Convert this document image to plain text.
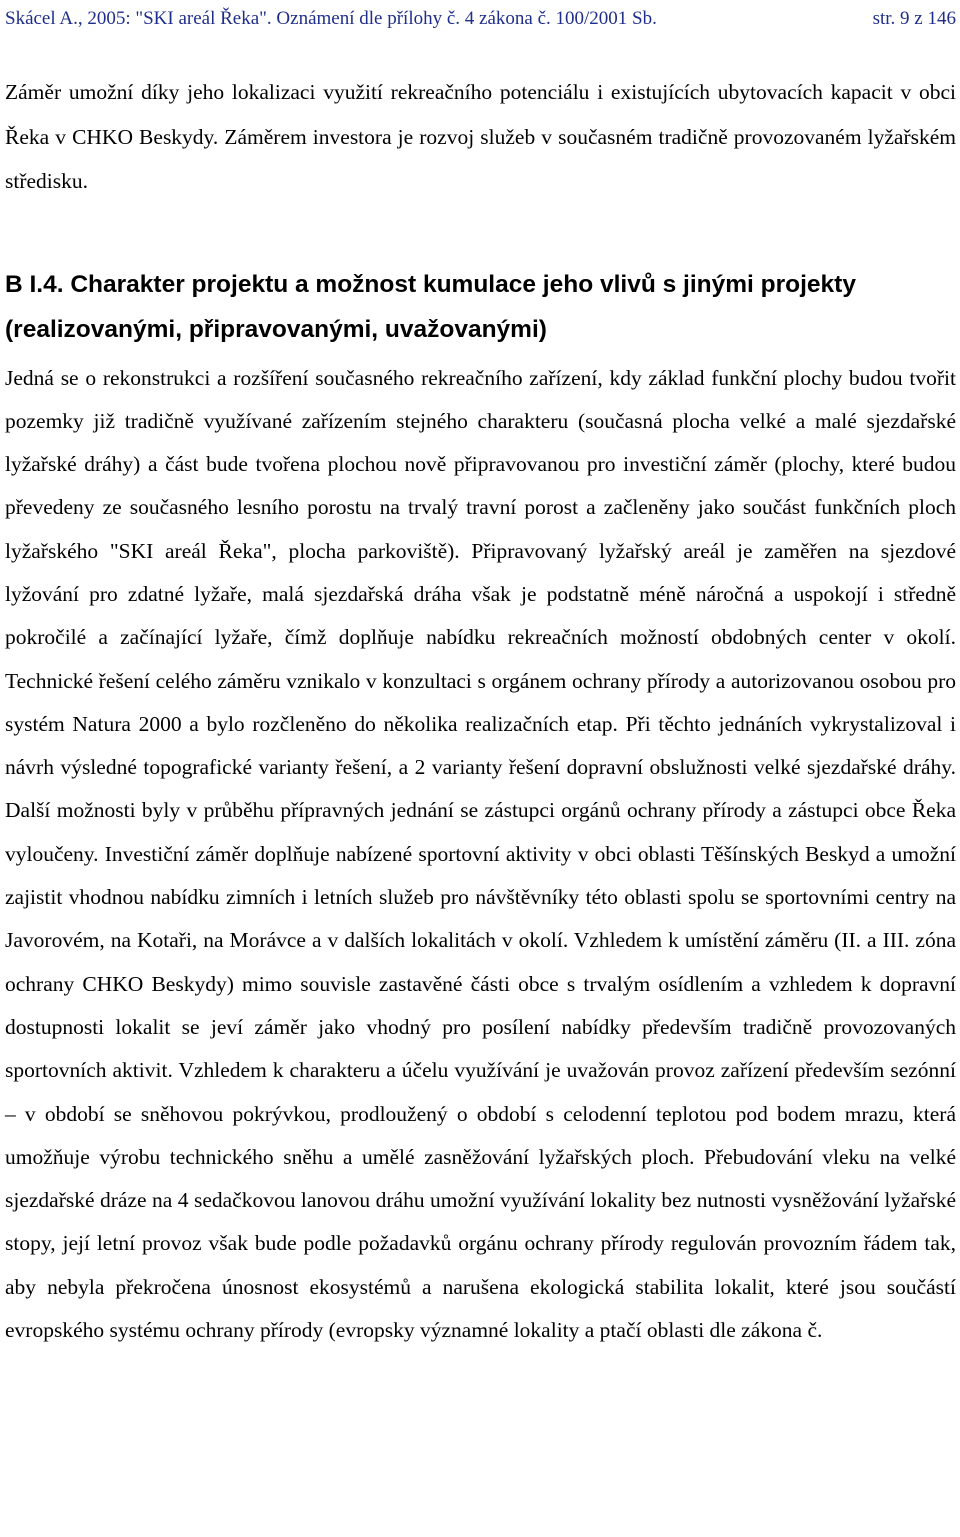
Skácel A., 2005: "SKI areál Řeka". Oznámení dle přílohy č. 4 zákona č. 100/2001 Sb.	str. 9 z 146

Záměr umožní díky jeho lokalizaci využití rekreačního potenciálu i existujících ubytovacích kapacit v obci Řeka v CHKO Beskydy. Záměrem investora je rozvoj služeb v současném tradičně provozovaném lyžařském středisku.

B I.4. Charakter projektu a možnost kumulace jeho vlivů s jinými projekty (realizovanými, připravovanými, uvažovanými)

Jedná se o rekonstrukci a rozšíření současného rekreačního zařízení, kdy základ funkční plochy budou tvořit pozemky již tradičně využívané zařízením stejného charakteru (současná plocha velké a malé sjezdařské lyžařské dráhy) a část bude tvořena plochou nově připravovanou pro investiční záměr (plochy, které budou převedeny ze současného lesního porostu na trvalý travní porost a začleněny jako součást funkčních ploch lyžařského "SKI areál Řeka", plocha parkoviště). Připravovaný lyžařský areál je zaměřen na sjezdové lyžování pro zdatné lyžaře, malá sjezdařská dráha však je podstatně méně náročná a uspokojí i středně pokročilé a začínající lyžaře, čímž doplňuje nabídku rekreačních možností obdobných center v okolí. Technické řešení celého záměru vznikalo v konzultaci s orgánem ochrany přírody a autorizovanou osobou pro systém Natura 2000 a bylo rozčleněno do několika realizačních etap. Při těchto jednáních vykrystalizoval i návrh výsledné topografické varianty řešení, a 2 varianty řešení dopravní obslužnosti velké sjezdařské dráhy. Další možnosti byly v průběhu přípravných jednání se zástupci orgánů ochrany přírody a zástupci obce Řeka vyloučeny. Investiční záměr doplňuje nabízené sportovní aktivity v obci oblasti Těšínských Beskyd a umožní zajistit vhodnou nabídku zimních i letních služeb pro návštěvníky této oblasti spolu se sportovními centry na Javorovém, na Kotaři, na Morávce a v dalších lokalitách v okolí. Vzhledem k umístění záměru (II. a III. zóna ochrany CHKO Beskydy) mimo souvisle zastavěné části obce s trvalým osídlením a vzhledem k dopravní dostupnosti lokalit se jeví záměr jako vhodný pro posílení nabídky především tradičně provozovaných sportovních aktivit. Vzhledem k charakteru a účelu využívání je uvažován provoz zařízení především sezónní – v období se sněhovou pokrývkou, prodloužený o období s celodenní teplotou pod bodem mrazu, která umožňuje výrobu technického sněhu a umělé zasněžování lyžařských ploch. Přebudování vleku na velké sjezdařské dráze na 4 sedačkovou lanovou dráhu umožní využívání lokality bez nutnosti vysněžování lyžařské stopy, její letní provoz však bude podle požadavků orgánu ochrany přírody regulován provozním řádem tak, aby nebyla překročena únosnost ekosystémů a narušena ekologická stabilita lokalit, které jsou součástí evropského systému ochrany přírody (evropsky významné lokality a ptačí oblasti dle zákona č.
